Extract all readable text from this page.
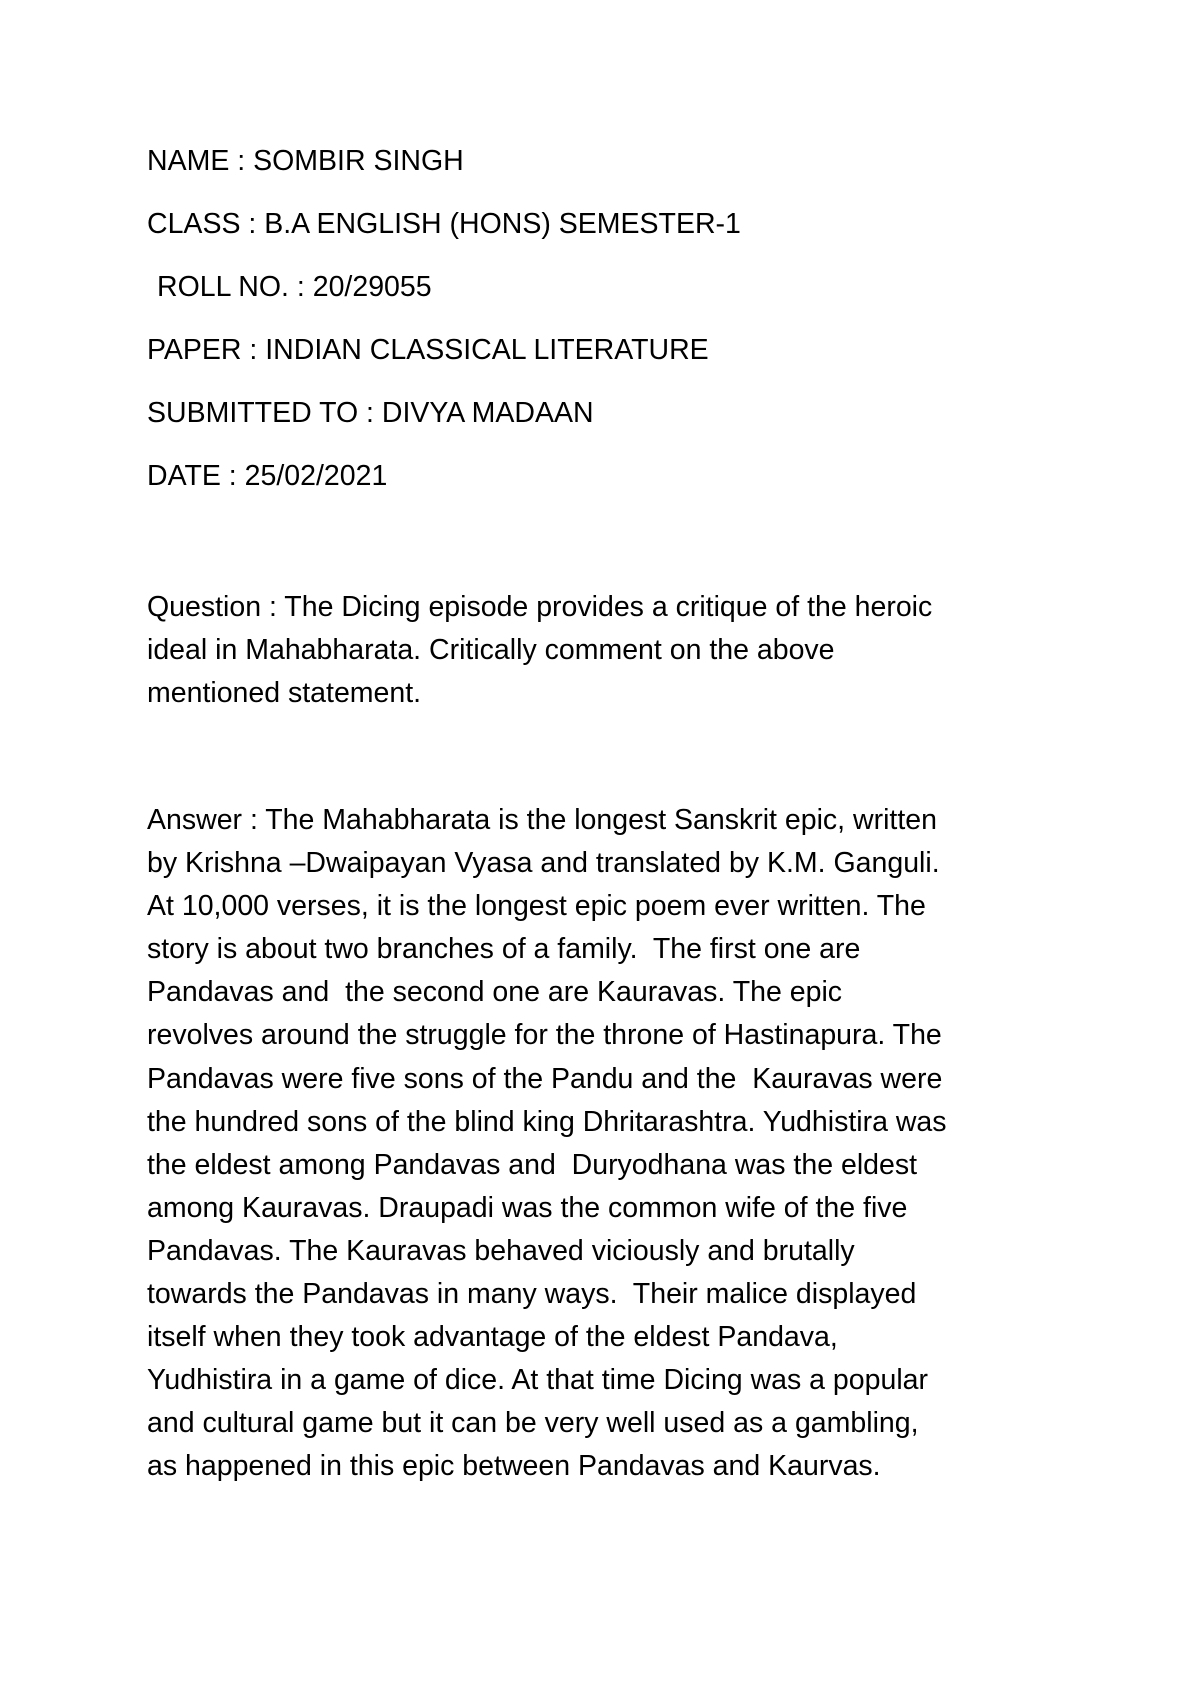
NAME : SOMBIR SINGH
CLASS : B.A ENGLISH (HONS) SEMESTER-1
ROLL NO. : 20/29055
PAPER : INDIAN CLASSICAL LITERATURE
SUBMITTED TO : DIVYA MADAAN
DATE : 25/02/2021
Question : The Dicing episode provides a critique of the heroic
ideal in Mahabharata. Critically comment on the above
mentioned statement.
Answer : The Mahabharata is the longest Sanskrit epic, written
by Krishna –Dwaipayan Vyasa and translated by K.M. Ganguli.
At 10,000 verses, it is the longest epic poem ever written. The
story is about two branches of a family.  The first one are
Pandavas and  the second one are Kauravas. The epic
revolves around the struggle for the throne of Hastinapura. The
Pandavas were five sons of the Pandu and the  Kauravas were
the hundred sons of the blind king Dhritarashtra. Yudhistira was
the eldest among Pandavas and  Duryodhana was the eldest
among Kauravas. Draupadi was the common wife of the five
Pandavas. The Kauravas behaved viciously and brutally
towards the Pandavas in many ways.  Their malice displayed
itself when they took advantage of the eldest Pandava,
Yudhistira in a game of dice. At that time Dicing was a popular
and cultural game but it can be very well used as a gambling,
as happened in this epic between Pandavas and Kaurvas.
